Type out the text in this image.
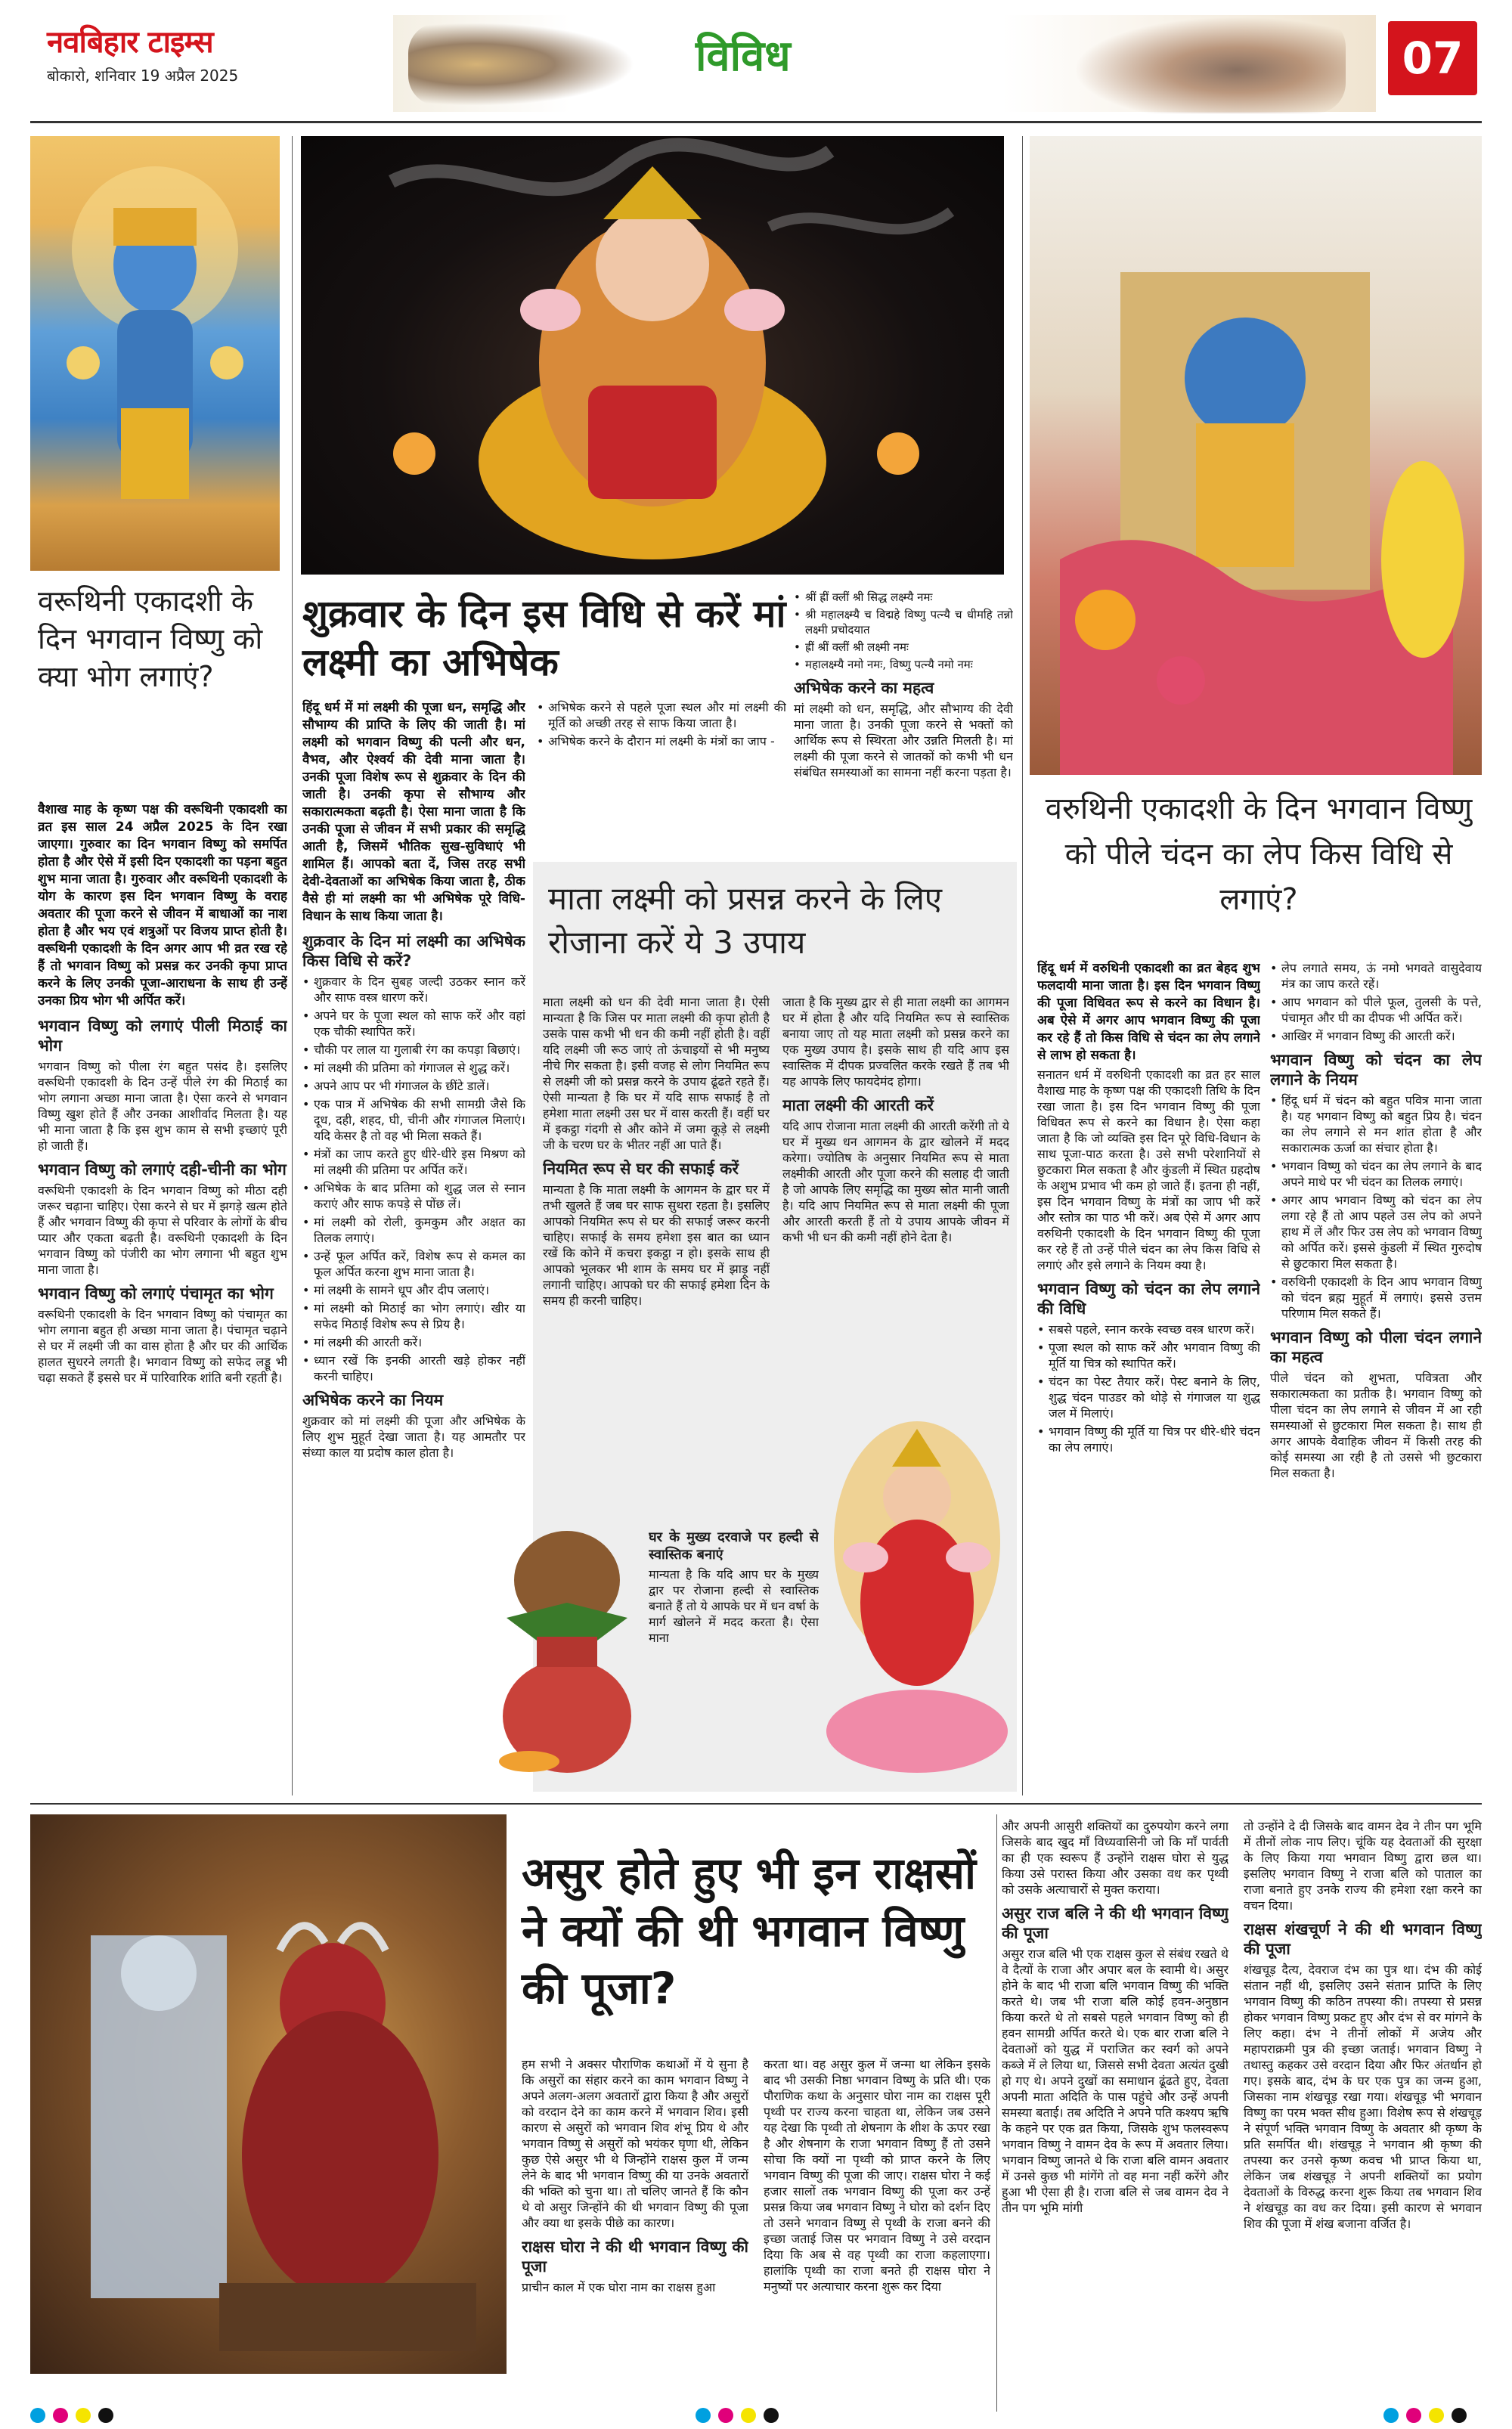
नवबिहार टाइम्स
बोकारो, शनिवार 19 अप्रैल 2025	विविध	07
वरूथिनी एकादशी के दिन भगवान विष्णु को क्या भोग लगाएं?

वैशाख माह के कृष्ण पक्ष की वरूथिनी एकादशी का व्रत इस साल 24 अप्रैल 2025 के दिन रखा जाएगा। गुरुवार का दिन भगवान विष्णु को समर्पित होता है और ऐसे में इसी दिन एकादशी का पड़ना बहुत शुभ माना जाता है। गुरुवार और वरूथिनी एकादशी के योग के कारण इस दिन भगवान विष्णु के वराह अवतार की पूजा करने से जीवन में बाधाओं का नाश होता है और भय एवं शत्रुओं पर विजय प्राप्त होती है। वरूथिनी एकादशी के दिन अगर आप भी व्रत रख रहे हैं तो भगवान विष्णु को प्रसन्न कर उनकी कृपा प्राप्त करने के लिए उनकी पूजा-आराधना के साथ ही उन्हें उनका प्रिय भोग भी अर्पित करें।

भगवान विष्णु को लगाएं पीली मिठाई का भोग

भगवान विष्णु को पीला रंग बहुत पसंद है। इसलिए वरूथिनी एकादशी के दिन उन्हें पीले रंग की मिठाई का भोग लगाना अच्छा माना जाता है। ऐसा करने से भगवान विष्णु खुश होते हैं और उनका आशीर्वाद मिलता है। यह भी माना जाता है कि इस शुभ काम से सभी इच्छाएं पूरी हो जाती हैं।

भगवान विष्णु को लगाएं दही-चीनी का भोग

वरूथिनी एकादशी के दिन भगवान विष्णु को मीठा दही जरूर चढ़ाना चाहिए। ऐसा करने से घर में झगड़े खत्म होते हैं और भगवान विष्णु की कृपा से परिवार के लोगों के बीच प्यार और एकता बढ़ती है। वरूथिनी एकादशी के दिन भगवान विष्णु को पंजीरी का भोग लगाना भी बहुत शुभ माना जाता है।

भगवान विष्णु को लगाएं पंचामृत का भोग

वरूथिनी एकादशी के दिन भगवान विष्णु को पंचामृत का भोग लगाना बहुत ही अच्छा माना जाता है। पंचामृत चढ़ाने से घर में लक्ष्मी जी का वास होता है और घर की आर्थिक हालत सुधरने लगती है। भगवान विष्णु को सफेद लड्डू भी चढ़ा सकते हैं इससे घर में पारिवारिक शांति बनी रहती है।

शुक्रवार के दिन इस विधि से करें मां लक्ष्मी का अभिषेक
• श्रीं ह्रीं क्लीं श्री सिद्ध लक्ष्म्यै नमः
• श्री महालक्ष्म्यै च विद्महे विष्णु पत्न्यै च धीमहि तन्नो लक्ष्मी प्रचोदयात
• ह्रीं श्रीं क्लीं श्री लक्ष्मी नमः
• महालक्ष्म्यै नमो नमः, विष्णु पत्न्यै नमो नमः
अभिषेक करने का महत्व

मां लक्ष्मी को धन, समृद्धि, और सौभाग्य की देवी माना जाता है। उनकी पूजा करने से भक्तों को आर्थिक रूप से स्थिरता और उन्नति मिलती है। मां लक्ष्मी की पूजा करने से जातकों को कभी भी धन संबंधित समस्याओं का सामना नहीं करना पड़ता है।

हिंदू धर्म में मां लक्ष्मी की पूजा धन, समृद्धि और सौभाग्य की प्राप्ति के लिए की जाती है। मां लक्ष्मी को भगवान विष्णु की पत्नी और धन, वैभव, और ऐश्वर्य की देवी माना जाता है। उनकी पूजा विशेष रूप से शुक्रवार के दिन की जाती है। उनकी कृपा से सौभाग्य और सकारात्मकता बढ़ती है। ऐसा माना जाता है कि उनकी पूजा से जीवन में सभी प्रकार की समृद्धि आती है, जिसमें भौतिक सुख-सुविधाएं भी शामिल हैं। आपको बता दें, जिस तरह सभी देवी-देवताओं का अभिषेक किया जाता है, ठीक वैसे ही मां लक्ष्मी का भी अभिषेक पूरे विधि-विधान के साथ किया जाता है।

शुक्रवार के दिन मां लक्ष्मी का अभिषेक किस विधि से करें?
• शुक्रवार के दिन सुबह जल्दी उठकर स्नान करें और साफ वस्त्र धारण करें।
• अपने घर के पूजा स्थल को साफ करें और वहां एक चौकी स्थापित करें।
• चौकी पर लाल या गुलाबी रंग का कपड़ा बिछाएं।
• मां लक्ष्मी की प्रतिमा को गंगाजल से शुद्ध करें।
• अपने आप पर भी गंगाजल के छींटे डालें।
• एक पात्र में अभिषेक की सभी सामग्री जैसे कि दूध, दही, शहद, घी, चीनी और गंगाजल मिलाएं। यदि केसर है तो वह भी मिला सकते हैं।
• मंत्रों का जाप करते हुए धीरे-धीरे इस मिश्रण को मां लक्ष्मी की प्रतिमा पर अर्पित करें।
• अभिषेक के बाद प्रतिमा को शुद्ध जल से स्नान कराएं और साफ कपड़े से पोंछ लें।
• मां लक्ष्मी को रोली, कुमकुम और अक्षत का तिलक लगाएं।
• उन्हें फूल अर्पित करें, विशेष रूप से कमल का फूल अर्पित करना शुभ माना जाता है।
• मां लक्ष्मी के सामने धूप और दीप जलाएं।
• मां लक्ष्मी को मिठाई का भोग लगाएं। खीर या सफेद मिठाई विशेष रूप से प्रिय है।
• मां लक्ष्मी की आरती करें।
• ध्यान रखें कि इनकी आरती खड़े होकर नहीं करनी चाहिए।
अभिषेक करने का नियम

शुक्रवार को मां लक्ष्मी की पूजा और अभिषेक के लिए शुभ मुहूर्त देखा जाता है। यह आमतौर पर संध्या काल या प्रदोष काल होता है।

• अभिषेक करने से पहले पूजा स्थल और मां लक्ष्मी की मूर्ति को अच्छी तरह से साफ किया जाता है।
• अभिषेक करने के दौरान मां लक्ष्मी के मंत्रों का जाप -
माता लक्ष्मी को प्रसन्न करने के लिए रोजाना करें ये 3 उपाय

माता लक्ष्मी को धन की देवी माना जाता है। ऐसी मान्यता है कि जिस पर माता लक्ष्मी की कृपा होती है उसके पास कभी भी धन की कमी नहीं होती है। वहीं यदि लक्ष्मी जी रूठ जाएं तो ऊंचाइयों से भी मनुष्य नीचे गिर सकता है। इसी वजह से लोग नियमित रूप से लक्ष्मी जी को प्रसन्न करने के उपाय ढूंढते रहते हैं। ऐसी मान्यता है कि घर में यदि साफ सफाई है तो हमेशा माता लक्ष्मी उस घर में वास करती हैं। वहीं घर में इकट्ठा गंदगी से और कोने में जमा कूड़े से लक्ष्मी जी के चरण घर के भीतर नहीं आ पाते हैं।

नियमित रूप से घर की सफाई करें

मान्यता है कि माता लक्ष्मी के आगमन के द्वार घर में तभी खुलते हैं जब घर साफ सुथरा रहता है। इसलिए आपको नियमित रूप से घर की सफाई जरूर करनी चाहिए। सफाई के समय हमेशा इस बात का ध्यान रखें कि कोने में कचरा इकट्ठा न हो। इसके साथ ही आपको भूलकर भी शाम के समय घर में झाड़ू नहीं लगानी चाहिए। आपको घर की सफाई हमेशा दिन के समय ही करनी चाहिए।

जाता है कि मुख्य द्वार से ही माता लक्ष्मी का आगमन घर में होता है और यदि नियमित रूप से स्वास्तिक बनाया जाए तो यह माता लक्ष्मी को प्रसन्न करने का एक मुख्य उपाय है। इसके साथ ही यदि आप इस स्वास्तिक में दीपक प्रज्वलित करके रखते हैं तब भी यह आपके लिए फायदेमंद होगा।

माता लक्ष्मी की आरती करें

यदि आप रोजाना माता लक्ष्मी की आरती करेंगी तो ये घर में मुख्य धन आगमन के द्वार खोलने में मदद करेगा। ज्योतिष के अनुसार नियमित रूप से माता लक्ष्मीकी आरती और पूजा करने की सलाह दी जाती है जो आपके लिए समृद्धि का मुख्य स्रोत मानी जाती है। यदि आप नियमित रूप से माता लक्ष्मी की पूजा और आरती करती हैं तो ये उपाय आपके जीवन में कभी भी धन की कमी नहीं होने देता है।

घर के मुख्य दरवाजे पर हल्दी से स्वास्तिक बनाएं

मान्यता है कि यदि आप घर के मुख्य द्वार पर रोजाना हल्दी से स्वास्तिक बनाते हैं तो ये आपके घर में धन वर्षा के मार्ग खोलने में मदद करता है। ऐसा माना

वरुथिनी एकादशी के दिन भगवान विष्णु को पीले चंदन का लेप किस विधि से लगाएं?

हिंदू धर्म में वरुथिनी एकादशी का व्रत बेहद शुभ फलदायी माना जाता है। इस दिन भगवान विष्णु की पूजा विधिवत रूप से करने का विधान है। अब ऐसे में अगर आप भगवान विष्णु की पूजा कर रहे हैं तो किस विधि से चंदन का लेप लगाने से लाभ हो सकता है।

सनातन धर्म में वरुथिनी एकादशी का व्रत हर साल वैशाख माह के कृष्ण पक्ष की एकादशी तिथि के दिन रखा जाता है। इस दिन भगवान विष्णु की पूजा विधिवत रूप से करने का विधान है। ऐसा कहा जाता है कि जो व्यक्ति इस दिन पूरे विधि-विधान के साथ पूजा-पाठ करता है। उसे सभी परेशानियों से छुटकारा मिल सकता है और कुंडली में स्थित ग्रहदोष के अशुभ प्रभाव भी कम हो जाते हैं। इतना ही नहीं, इस दिन भगवान विष्णु के मंत्रों का जाप भी करें और स्तोत्र का पाठ भी करें। अब ऐसे में अगर आप वरुथिनी एकादशी के दिन भगवान विष्णु की पूजा कर रहे हैं तो उन्हें पीले चंदन का लेप किस विधि से लगाएं और इसे लगाने के नियम क्या है।

भगवान विष्णु को चंदन का लेप लगाने की विधि
• सबसे पहले, स्नान करके स्वच्छ वस्त्र धारण करें।
• पूजा स्थल को साफ करें और भगवान विष्णु की मूर्ति या चित्र को स्थापित करें।
• चंदन का पेस्ट तैयार करें। पेस्ट बनाने के लिए, शुद्ध चंदन पाउडर को थोड़े से गंगाजल या शुद्ध जल में मिलाएं।
• भगवान विष्णु की मूर्ति या चित्र पर धीरे-धीरे चंदन का लेप लगाएं।
• लेप लगाते समय, ऊं नमो भगवते वासुदेवाय मंत्र का जाप करते रहें।
• आप भगवान को पीले फूल, तुलसी के पत्ते, पंचामृत और घी का दीपक भी अर्पित करें।
• आखिर में भगवान विष्णु की आरती करें।
भगवान विष्णु को चंदन का लेप लगाने के नियम
• हिंदू धर्म में चंदन को बहुत पवित्र माना जाता है। यह भगवान विष्णु को बहुत प्रिय है। चंदन का लेप लगाने से मन शांत होता है और सकारात्मक ऊर्जा का संचार होता है।
• भगवान विष्णु को चंदन का लेप लगाने के बाद अपने माथे पर भी चंदन का तिलक लगाएं।
• अगर आप भगवान विष्णु को चंदन का लेप लगा रहे हैं तो आप पहले उस लेप को अपने हाथ में लें और फिर उस लेप को भगवान विष्णु को अर्पित करें। इससे कुंडली में स्थित गुरुदोष से छुटकारा मिल सकता है।
• वरुथिनी एकादशी के दिन आप भगवान विष्णु को चंदन ब्रह्म मुहूर्त में लगाएं। इससे उत्तम परिणाम मिल सकते हैं।
भगवान विष्णु को पीला चंदन लगाने का महत्व

पीले चंदन को शुभता, पवित्रता और सकारात्मकता का प्रतीक है। भगवान विष्णु को पीला चंदन का लेप लगाने से जीवन में आ रही समस्याओं से छुटकारा मिल सकता है। साथ ही अगर आपके वैवाहिक जीवन में किसी तरह की कोई समस्या आ रही है तो उससे भी छुटकारा मिल सकता है।

असुर होते हुए भी इन राक्षसों ने क्यों की थी भगवान विष्णु की पूजा?

हम सभी ने अक्सर पौराणिक कथाओं में ये सुना है कि असुरों का संहार करने का काम भगवान विष्णु ने अपने अलग-अलग अवतारों द्वारा किया है और असुरों को वरदान देने का काम करने में भगवान शिव। इसी कारण से असुरों को भगवान शिव शंभू प्रिय थे और भगवान विष्णु से असुरों को भयंकर घृणा थी, लेकिन कुछ ऐसे असुर भी थे जिन्होंने राक्षस कुल में जन्म लेने के बाद भी भगवान विष्णु की या उनके अवतारों की भक्ति को चुना था। तो चलिए जानते हैं कि कौन थे वो असुर जिन्होंने की थी भगवान विष्णु की पूजा और क्या था इसके पीछे का कारण।

राक्षस घोरा ने की थी भगवान विष्णु की पूजा

प्राचीन काल में एक घोरा नाम का राक्षस हुआ

करता था। वह असुर कुल में जन्मा था लेकिन इसके बाद भी उसकी निष्ठा भगवान विष्णु के प्रति थी। एक पौराणिक कथा के अनुसार घोरा नाम का राक्षस पूरी पृथ्वी पर राज्य करना चाहता था, लेकिन जब उसने यह देखा कि पृथ्वी तो शेषनाग के शीश के ऊपर रखा है और शेषनाग के राजा भगवान विष्णु हैं तो उसने सोचा कि क्यों ना पृथ्वी को प्राप्त करने के लिए भगवान विष्णु की पूजा की जाए। राक्षस घोरा ने कई हजार सालों तक भगवान विष्णु की पूजा कर उन्हें प्रसन्न किया जब भगवान विष्णु ने घोरा को दर्शन दिए तो उसने भगवान विष्णु से पृथ्वी के राजा बनने की इच्छा जताई जिस पर भगवान विष्णु ने उसे वरदान दिया कि अब से वह पृथ्वी का राजा कहलाएगा। हालांकि पृथ्वी का राजा बनते ही राक्षस घोरा ने मनुष्यों पर अत्याचार करना शुरू कर दिया

और अपनी आसुरी शक्तियों का दुरुपयोग करने लगा जिसके बाद खुद माँ विध्यवासिनी जो कि माँ पार्वती का ही एक स्वरूप हैं उन्होंने राक्षस घोरा से युद्ध किया उसे परास्त किया और उसका वध कर पृथ्वी को उसके अत्याचारों से मुक्त कराया।

असुर राज बलि ने की थी भगवान विष्णु की पूजा

असुर राज बलि भी एक राक्षस कुल से संबंध रखते थे वे दैत्यों के राजा और अपार बल के स्वामी थे। असुर होने के बाद भी राजा बलि भगवान विष्णु की भक्ति करते थे। जब भी राजा बलि कोई हवन-अनुष्ठान किया करते थे तो सबसे पहले भगवान विष्णु को ही हवन सामग्री अर्पित करते थे। एक बार राजा बलि ने देवताओं को युद्ध में पराजित कर स्वर्ग को अपने कब्जे में ले लिया था, जिससे सभी देवता अत्यंत दुखी हो गए थे। अपने दुखों का समाधान ढूंढते हुए, देवता अपनी माता अदिति के पास पहुंचे और उन्हें अपनी समस्या बताई। तब अदिति ने अपने पति कश्यप ऋषि के कहने पर एक व्रत किया, जिसके शुभ फलस्वरूप भगवान विष्णु ने वामन देव के रूप में अवतार लिया। भगवान विष्णु जानते थे कि राजा बलि वामन अवतार में उनसे कुछ भी मांगेंगे तो वह मना नहीं करेंगे और हुआ भी ऐसा ही है। राजा बलि से जब वामन देव ने तीन पग भूमि मांगी

तो उन्होंने दे दी जिसके बाद वामन देव ने तीन पग भूमि में तीनों लोक नाप लिए। चूंकि यह देवताओं की सुरक्षा के लिए किया गया भगवान विष्णु द्वारा छल था। इसलिए भगवान विष्णु ने राजा बलि को पाताल का राजा बनाते हुए उनके राज्य की हमेशा रक्षा करने का वचन दिया।

राक्षस शंखचूर्ण ने की थी भगवान विष्णु की पूजा

शंखचूड़ दैत्य, देवराज दंभ का पुत्र था। दंभ की कोई संतान नहीं थी, इसलिए उसने संतान प्राप्ति के लिए भगवान विष्णु की कठिन तपस्या की। तपस्या से प्रसन्न होकर भगवान विष्णु प्रकट हुए और दंभ से वर मांगने के लिए कहा। दंभ ने तीनों लोकों में अजेय और महापराक्रमी पुत्र की इच्छा जताई। भगवान विष्णु ने तथास्तु कहकर उसे वरदान दिया और फिर अंतर्धान हो गए। इसके बाद, दंभ के घर एक पुत्र का जन्म हुआ, जिसका नाम शंखचूड़ रखा गया। शंखचूड़ भी भगवान विष्णु का परम भक्त सीध हुआ। विशेष रूप से शंखचूड़ ने संपूर्ण भक्ति भगवान विष्णु के अवतार श्री कृष्ण के प्रति समर्पित थी। शंखचूड़ ने भगवान श्री कृष्ण की तपस्या कर उनसे कृष्ण कवच भी प्राप्त किया था, लेकिन जब शंखचूड़ ने अपनी शक्तियों का प्रयोग देवताओं के विरुद्ध करना शुरू किया तब भगवान शिव ने शंखचूड़ का वध कर दिया। इसी कारण से भगवान शिव की पूजा में शंख बजाना वर्जित है।
